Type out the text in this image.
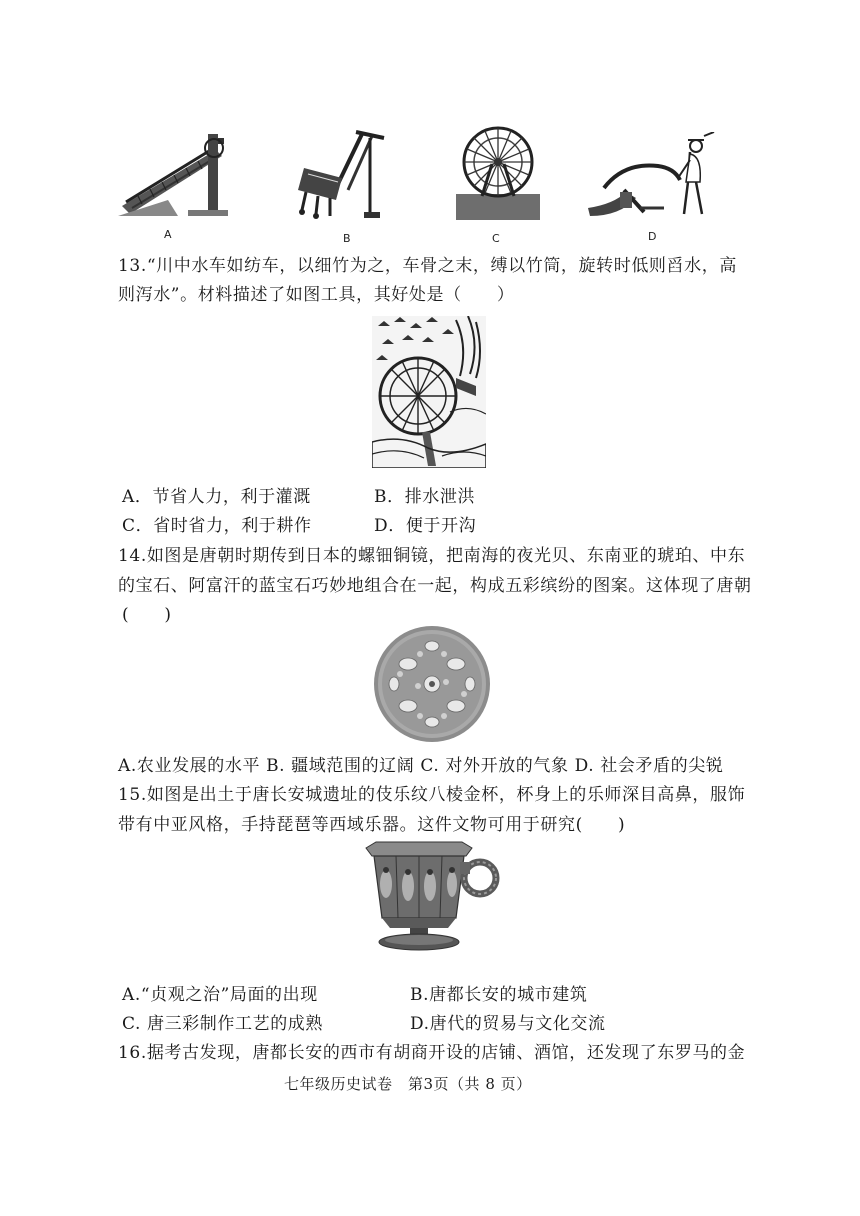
A	B	C	D
13.“川中水车如纺车，以细竹为之，车骨之末，缚以竹筒，旋转时低则舀水，高
则泻水”。材料描述了如图工具，其好处是（　　）
A．节省人力，利于灌溉	B．排水泄洪
C．省时省力，利于耕作	D．便于开沟
14.如图是唐朝时期传到日本的螺钿铜镜，把南海的夜光贝、东南亚的琥珀、中东
的宝石、阿富汗的蓝宝石巧妙地组合在一起，构成五彩缤纷的图案。这体现了唐朝
(　　)
A.农业发展的水平 B. 疆域范围的辽阔 C. 对外开放的气象 D. 社会矛盾的尖锐
15.如图是出土于唐长安城遗址的伎乐纹八棱金杯，杯身上的乐师深目高鼻，服饰
带有中亚风格，手持琵琶等西域乐器。这件文物可用于研究(　　)
A.“贞观之治”局面的出现	B.唐都长安的城市建筑
C. 唐三彩制作工艺的成熟	D.唐代的贸易与文化交流
16.据考古发现，唐都长安的西市有胡商开设的店铺、酒馆，还发现了东罗马的金
七年级历史试卷　第3页（共 8 页）
